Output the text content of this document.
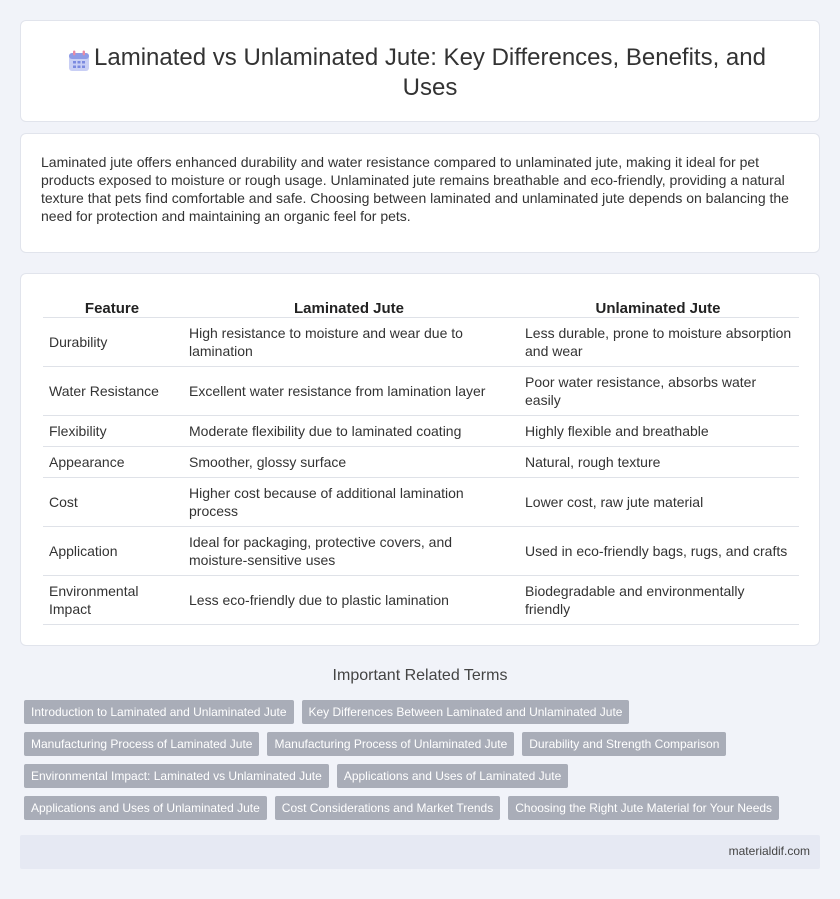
Laminated vs Unlaminated Jute: Key Differences, Benefits, and Uses

Laminated jute offers enhanced durability and water resistance compared to unlaminated jute, making it ideal for pet products exposed to moisture or rough usage. Unlaminated jute remains breathable and eco-friendly, providing a natural texture that pets find comfortable and safe. Choosing between laminated and unlaminated jute depends on balancing the need for protection and maintaining an organic feel for pets.

Feature	Laminated Jute	Unlaminated Jute
Durability	High resistance to moisture and wear due to lamination	Less durable, prone to moisture absorption and wear
Water Resistance	Excellent water resistance from lamination layer	Poor water resistance, absorbs water easily
Flexibility	Moderate flexibility due to laminated coating	Highly flexible and breathable
Appearance	Smoother, glossy surface	Natural, rough texture
Cost	Higher cost because of additional lamination process	Lower cost, raw jute material
Application	Ideal for packaging, protective covers, and moisture-sensitive uses	Used in eco-friendly bags, rugs, and crafts
Environmental Impact	Less eco-friendly due to plastic lamination	Biodegradable and environmentally friendly
Important Related Terms
Introduction to Laminated and Unlaminated Jute	Key Differences Between Laminated and Unlaminated Jute
Manufacturing Process of Laminated Jute	Manufacturing Process of Unlaminated Jute	Durability and Strength Comparison
Environmental Impact: Laminated vs Unlaminated Jute	Applications and Uses of Laminated Jute
Applications and Uses of Unlaminated Jute	Cost Considerations and Market Trends	Choosing the Right Jute Material for Your Needs
materialdif.com
